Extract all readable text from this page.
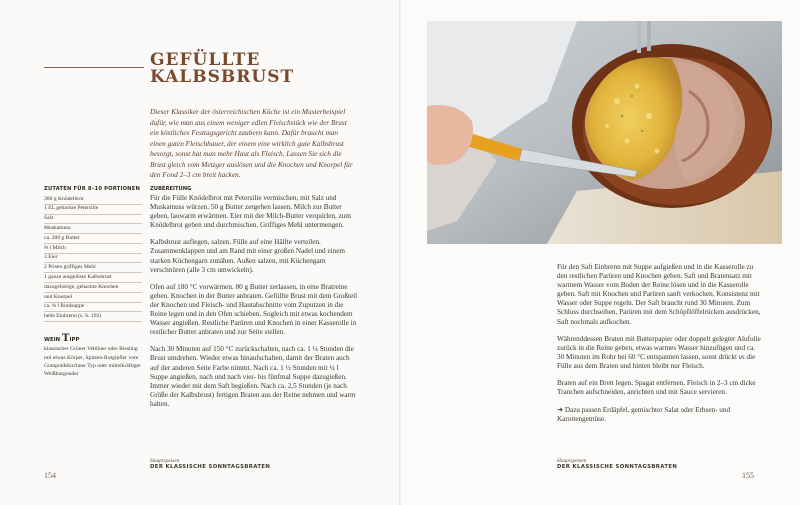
GEFÜLLTE
KALBSBRUST
Dieser Klassiker der österreichischen Küche ist ein Musterbeispiel dafür, wie man aus einem weniger edlen Fleischstück wie der Brust ein köstliches Festtagsgericht zaubern kann. Dafür braucht man einen guten Fleischhauer, der einem eine wirklich gute Kalbsbrust besorgt, sonst hat man mehr Haut als Fleisch. Lassen Sie sich die Brust gleich vom Metzger auslösen und die Knochen und Knorpel für den Fond 2–3 cm breit hacken.
ZUTATEN FÜR 8–10 PORTIONEN
300 g Knödelbrot
1 EL gehackte Petersilie
Salz
Muskatnuss
ca. 200 g Butter
⅜ l Milch
3 Eier
2 Prisen griffiges Mehl
1 ganze ausgelöste Kalbsbrust
dazugehörige, gehackte Knochen
und Knorpel
ca. ⅜ l Rindsuppe
helle Einbrenn (s. S. 192)
WEIN TIPP
klassischer Grüner Veltliner oder Riesling mit etwas Körper, Spitzen-Rotgipfler vom Gumpoldskirchner Typ oder mittelkräftiger Weißburgunder
ZUBEREITUNG

Für die Fülle Knödelbrot mit Petersilie vermischen, mit Salz und Muskatnuss würzen. 50 g Butter zergehen lassen, Milch zur Butter geben, lauwarm erwärmen. Eier mit der Milch-Butter verquirlen, zum Knödelbrot geben und durchmischen. Griffiges Mehl untermengen.

Kalbsbrust auflegen, salzen. Fülle auf eine Hälfte verteilen. Zusammenklappen und am Rand mit einer großen Nadel und einem starken Küchengarn zunähen. Außen salzen, mit Küchengarn verschnüren (alle 3 cm umwickeln).

Ofen auf 180 °C vorwärmen. 80 g Butter zerlassen, in eine Bratreine geben. Knochen in der Butter anbraten. Gefüllte Brust mit dem Großteil der Knochen und Fleisch- und Hautabschnitte vom Zuputzen in die Reine legen und in den Ofen schieben. Sogleich mit etwas kochendem Wasser angießen. Restliche Parüren und Knochen in einer Kasserolle in restlicher Butter anbraten und zur Seite stellen.

Nach 30 Minuten auf 150 °C zurückschalten, nach ca. 1 ¼ Stunden die Brust umdrehen. Wieder etwas hinaufschalten, damit der Braten auch auf der anderen Seite Farbe nimmt. Nach ca. 1 ½ Stunden mit ¼ l Suppe angießen, nach und nach vier- bis fünfmal Suppe dazugießen. Immer wieder mit dem Saft begießen. Nach ca. 2,5 Stunden (je nach Größe der Kalbsbrust) fertigen Braten aus der Reine nehmen und warm halten.

154
Hauptspeisen
DER KLASSISCHE SONNTAGSBRATEN

Für den Saft Einbrenn mit Suppe aufgießen und in die Kasserolle zu den restlichen Parüren und Knochen geben. Saft und Bratensatz mit warmem Wasser vom Boden der Reine lösen und in die Kasserolle geben. Saft mit Knochen und Parüren sanft verkochen. Konsistenz mit Wasser oder Suppe regeln. Der Saft braucht rund 30 Minuten. Zum Schluss durchseihen, Parüren mit dem Schöpflöffelrücken ausdrücken, Saft nochmals aufkochen.

Währenddessen Braten mit Butterpapier oder doppelt gelegter Alufolie zurück in die Reine geben, etwas warmes Wasser hinzufügen und ca. 30 Minuten im Rohr bei 60 °C entspannen lassen, sonst drückt es die Fülle aus dem Braten und hinten bleibt nur Fleisch.

Braten auf ein Brett legen, Spagat entfernen. Fleisch in 2–3 cm dicke Tranchen aufschneiden, anrichten und mit Sauce servieren.

➜ Dazu passen Erdäpfel, gemischter Salat oder Erbsen- und Karottengemüse.

Hauptspeisen
DER KLASSISCHE SONNTAGSBRATEN
155
